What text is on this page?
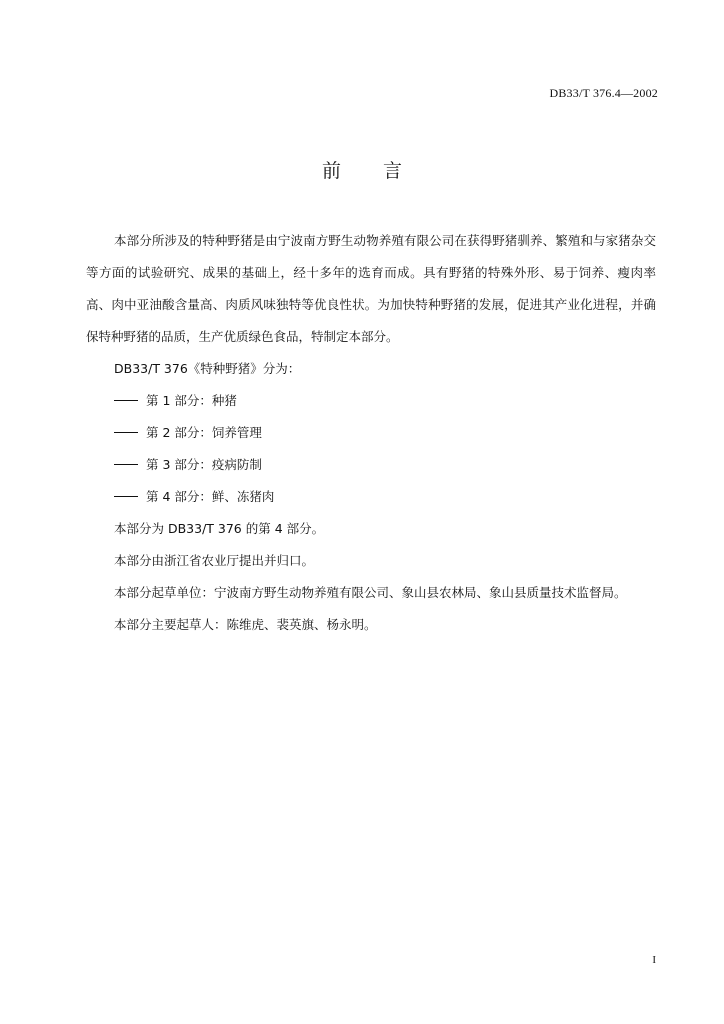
DB33/T 376.4—2002
前 言

本部分所涉及的特种野猪是由宁波南方野生动物养殖有限公司在获得野猪驯养、繁殖和与家猪杂交等方面的试验研究、成果的基础上，经十多年的选育而成。具有野猪的特殊外形、易于饲养、瘦肉率高、肉中亚油酸含量高、肉质风味独特等优良性状。为加快特种野猪的发展，促进其产业化进程，并确保特种野猪的品质，生产优质绿色食品，特制定本部分。

DB33/T 376《特种野猪》分为：

第 1 部分：种猪

第 2 部分：饲养管理

第 3 部分：疫病防制

第 4 部分：鲜、冻猪肉

本部分为 DB33/T 376 的第 4 部分。

本部分由浙江省农业厅提出并归口。

本部分起草单位：宁波南方野生动物养殖有限公司、象山县农林局、象山县质量技术监督局。

本部分主要起草人：陈维虎、裴英旗、杨永明。

I
